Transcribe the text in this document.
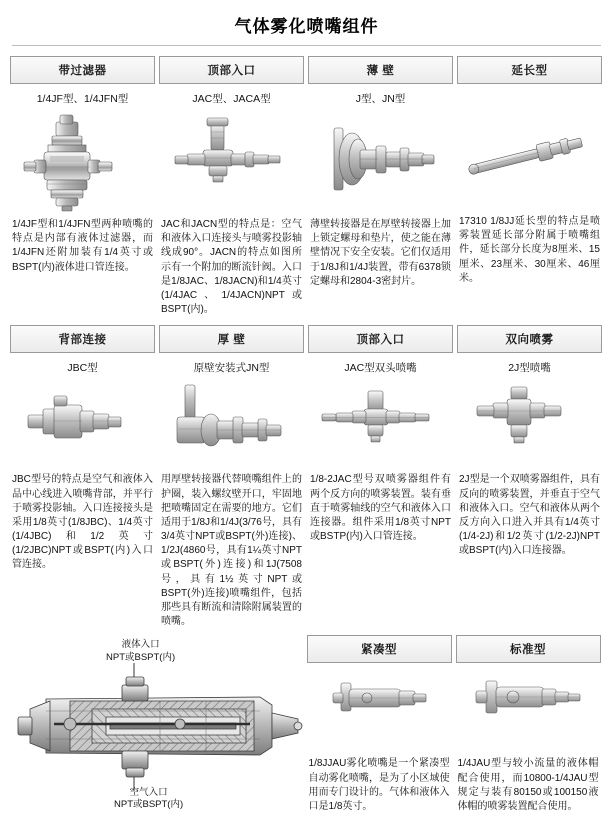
气体雾化喷嘴组件
带过滤器
1/4JF型、1/4JFN型
1/4JF型和1/4JFN型两种喷嘴的特点是内部有液体过滤器，而1/4JFN还附加装有1/4英寸或BSPT(内)液体进口管连接。
顶部入口
JAC型、JACA型
JAC和JACN型的特点是：空气和液体入口连接头与喷雾投影轴线成90°。JACN的特点如图所示有一个附加的断流针阀。入口是1/8JAC、1/8JACN)和1/4英寸(1/4JAC、1/4JACN)NPT或BSPT(内)。
薄 壁
J型、JN型
薄壁转接器是在厚壁转接器上加上锁定螺母和垫片，使之能在薄壁情况下安全安装。它们仅适用于1/8J和1/4J装置，带有6378锁定螺母和2804-3密封片。
延长型

17310 1/8JJ延长型的特点是喷雾装置延长部分附属于喷嘴组件，延长部分长度为8厘米、15厘米、23厘米、30厘米、46厘米。
背部连接
JBC型
JBC型号的特点是空气和液体入品中心线进入喷嘴背部，并平行于喷雾投影轴。入口连接接头是采用1/8英寸(1/8JBC)、1/4英寸(1/4JBC)和1/2英寸(1/2JBC)NPT或BSPT(内)入口管连接。
厚 壁
原壁安装式JN型
用厚壁转接器代替喷嘴组件上的护圈，装入螺纹壁开口，牢固地把喷嘴固定在需要的地方。它们适用于1/8J和1/4J(3/76号，具有3/4英寸NPT或BSPT(外)连接)、1/2J(4860号，具有1¼英寸NPT或BSPT(外)连接)和1J(7508号，具有1½英寸NPT或BSPT(外)连接)喷嘴组件，包括那些具有断流和清除附属装置的喷嘴。
顶部入口
JAC型双头喷嘴
1/8-2JAC型号双喷雾器组件有两个反方向的喷雾装置。装有垂直于喷雾轴线的空气和液体入口连接器。组件采用1/8英寸NPT或BSTP(内)入口管连接。
双向喷雾
2J型喷嘴
2J型是一个双喷雾器组件，具有反向的喷雾装置，并垂直于空气和液体入口。空气和液体从两个反方向入口进入并具有1/4英寸(1/4-2J)和1/2英寸(1/2-2J)NPT或BSPT(内)入口连接器。
液体入口
NPT或BSPT(内)
空气入口
NPT或BSPT(内)
紧凑型
1/8JJAU雾化喷嘴是一个紧凑型自动雾化喷嘴，是为了小区域使用而专门设计的。气体和液体入口是1/8英寸。
标准型
1/4JAU型与较小流量的液体帽配合使用，而10800-1/4JAU型规定与装有80150或100150液体帽的喷雾装置配合使用。
